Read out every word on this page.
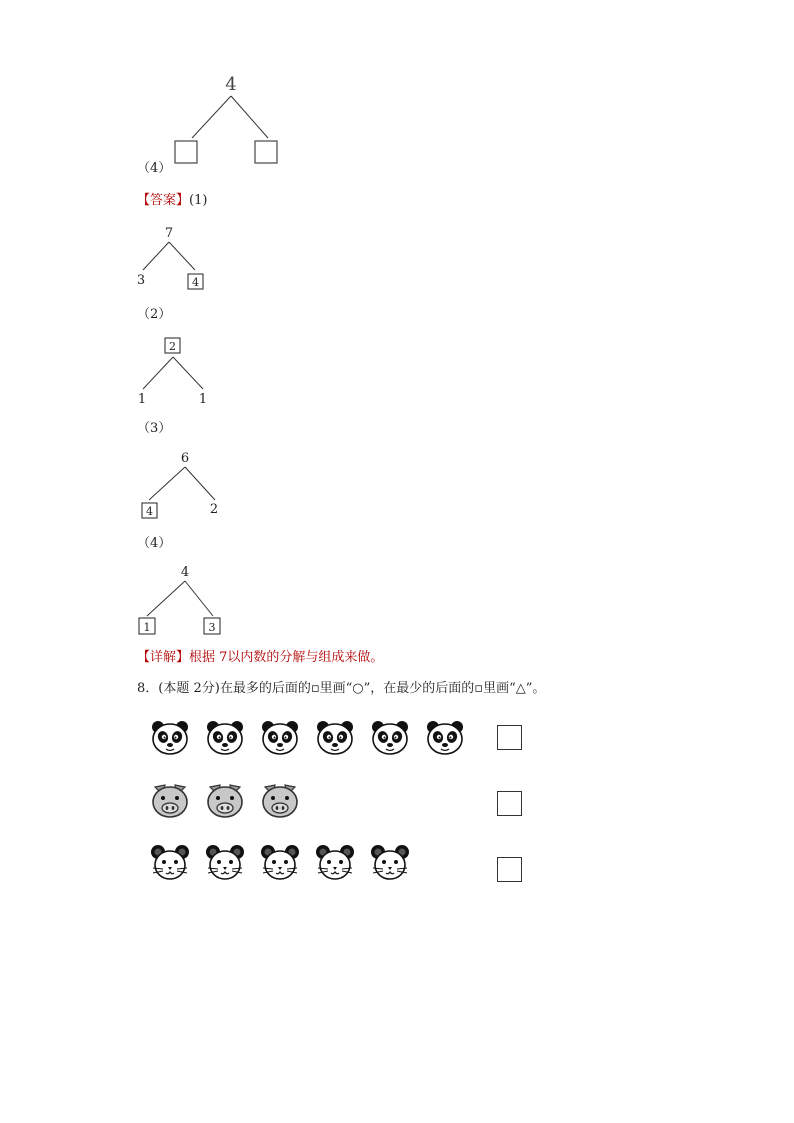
4
（4）
【答案】(1)
7
3	4
（2）
2
1	1
（3）
6
4	2
（4）
4
1	3
【详解】根据 7以内数的分解与组成来做。
8．(本题 2分)在最多的后面的▫里画“○”，在最少的后面的▫里画“△”。
